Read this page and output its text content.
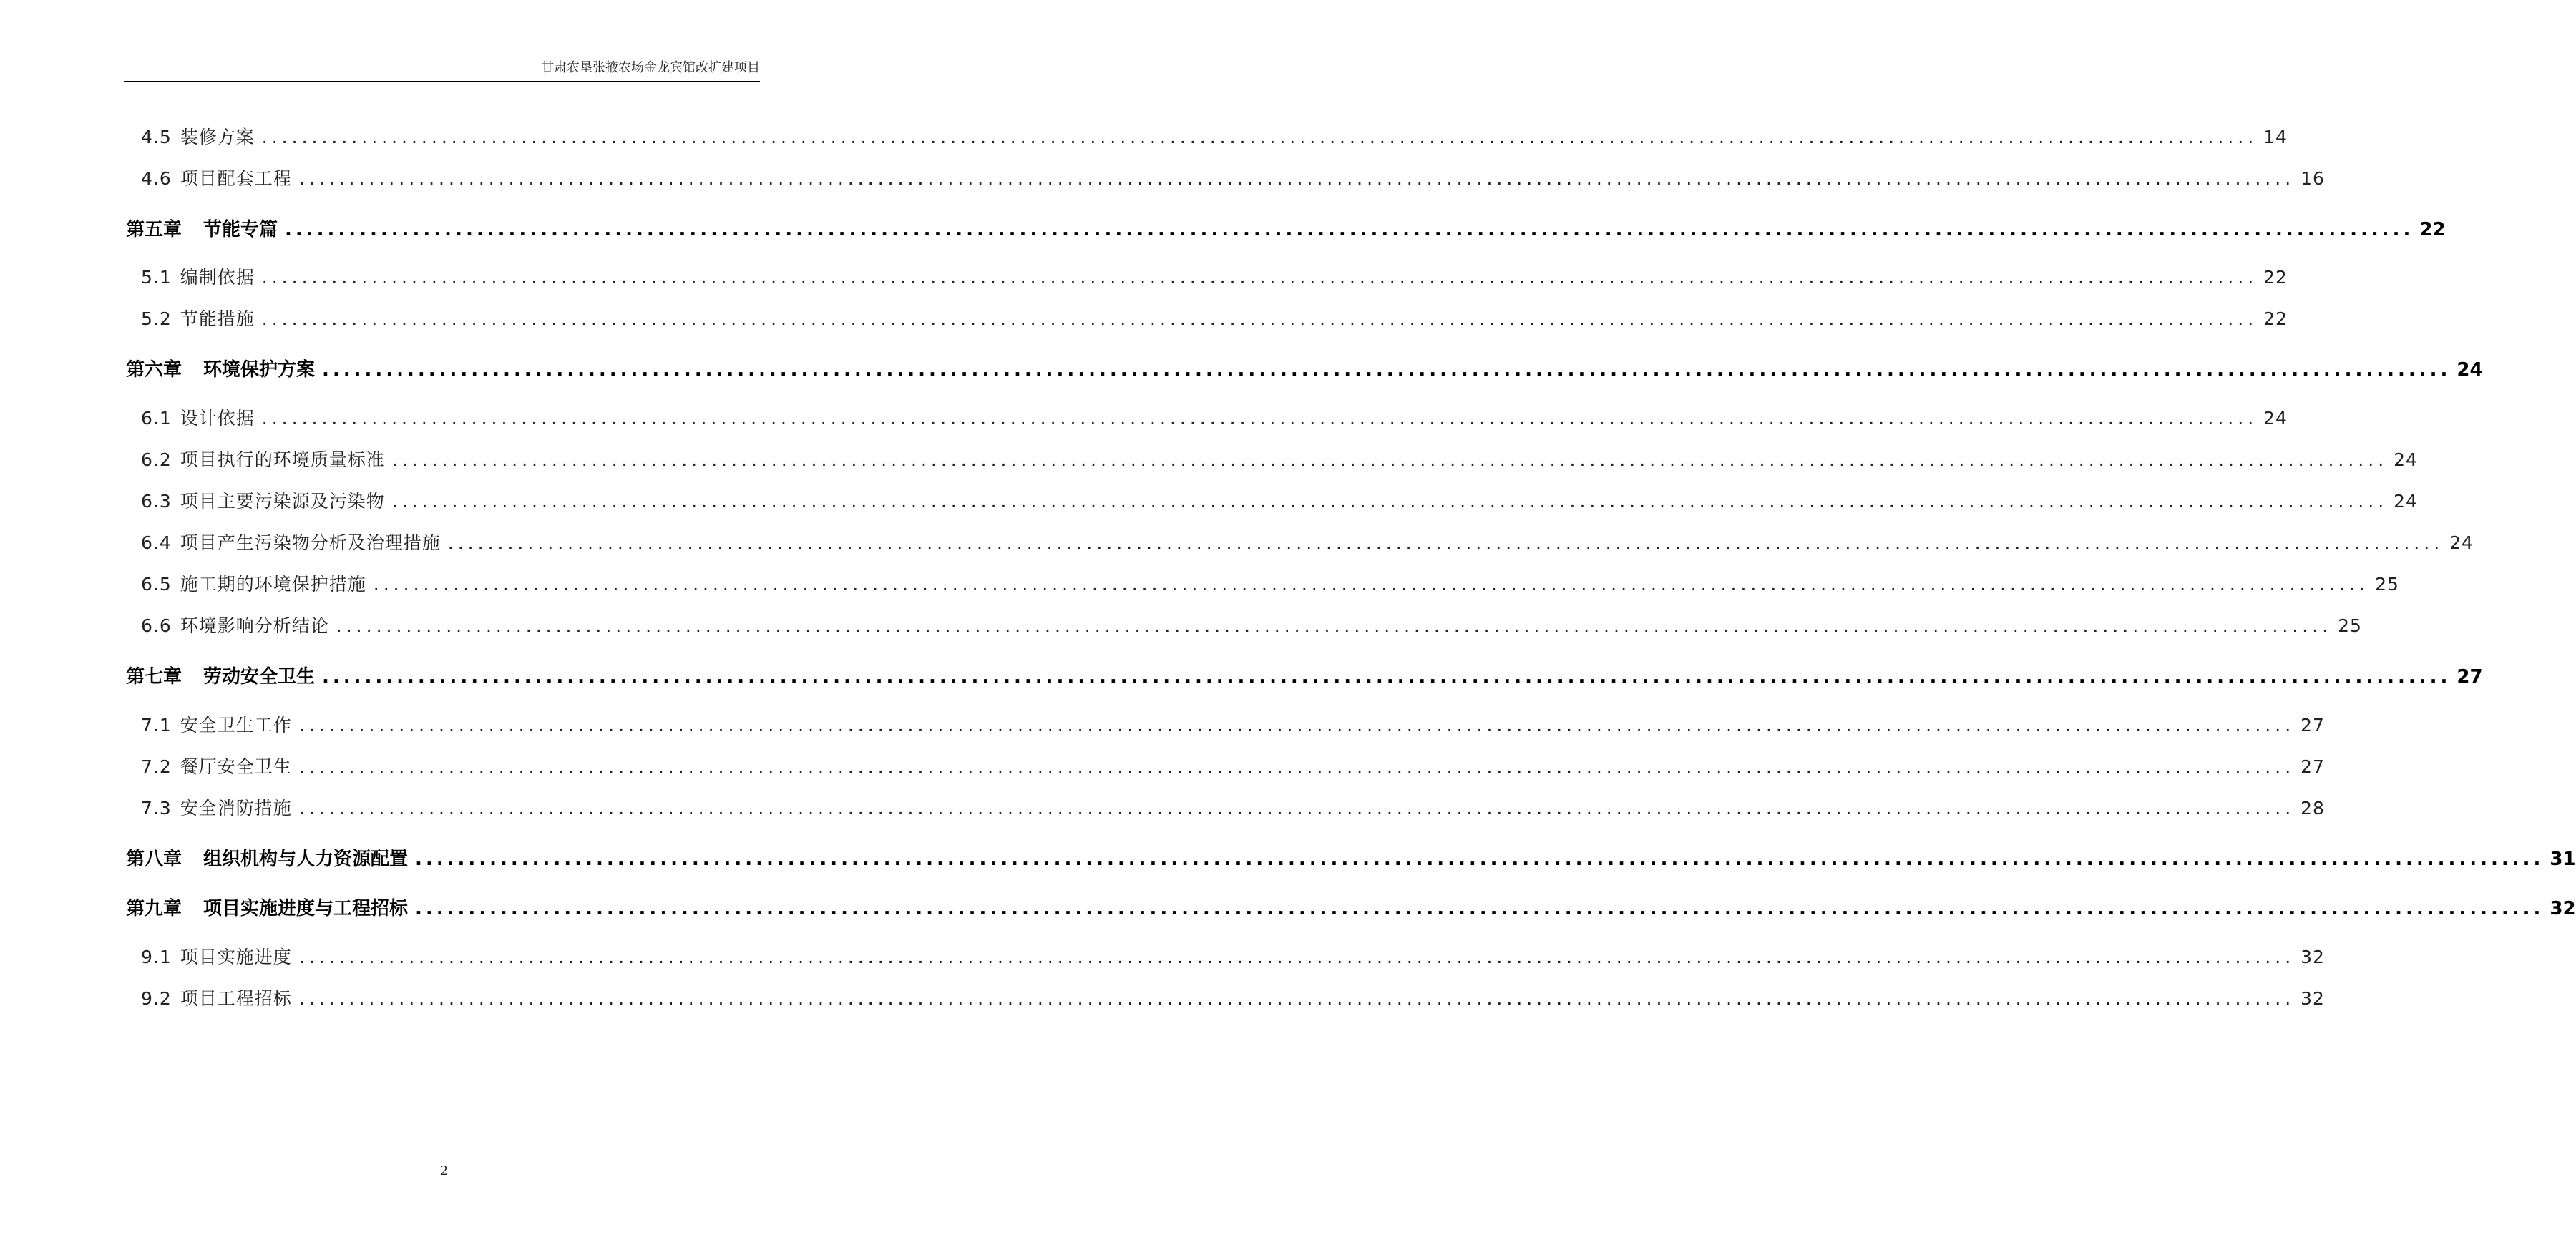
甘肃农垦张掖农场金龙宾馆改扩建项目
4.5 装修方案 ........................................................................................................................................................................................................ 14
4.6 项目配套工程 ........................................................................................................................................................................................................ 16
第五章 节能专篇 ........................................................................................................................................................................................................ 22
5.1 编制依据 ........................................................................................................................................................................................................ 22
5.2 节能措施 ........................................................................................................................................................................................................ 22
第六章 环境保护方案 ........................................................................................................................................................................................................ 24
6.1 设计依据 ........................................................................................................................................................................................................ 24
6.2 项目执行的环境质量标准 ........................................................................................................................................................................................................ 24
6.3 项目主要污染源及污染物 ........................................................................................................................................................................................................ 24
6.4 项目产生污染物分析及治理措施 ........................................................................................................................................................................................................ 24
6.5 施工期的环境保护措施 ........................................................................................................................................................................................................ 25
6.6 环境影响分析结论 ........................................................................................................................................................................................................ 25
第七章 劳动安全卫生 ........................................................................................................................................................................................................ 27
7.1 安全卫生工作 ........................................................................................................................................................................................................ 27
7.2 餐厅安全卫生 ........................................................................................................................................................................................................ 27
7.3 安全消防措施 ........................................................................................................................................................................................................ 28
第八章 组织机构与人力资源配置 ........................................................................................................................................................................................................ 31
第九章 项目实施进度与工程招标 ........................................................................................................................................................................................................ 32
9.1 项目实施进度 ........................................................................................................................................................................................................ 32
9.2 项目工程招标 ........................................................................................................................................................................................................ 32
2
